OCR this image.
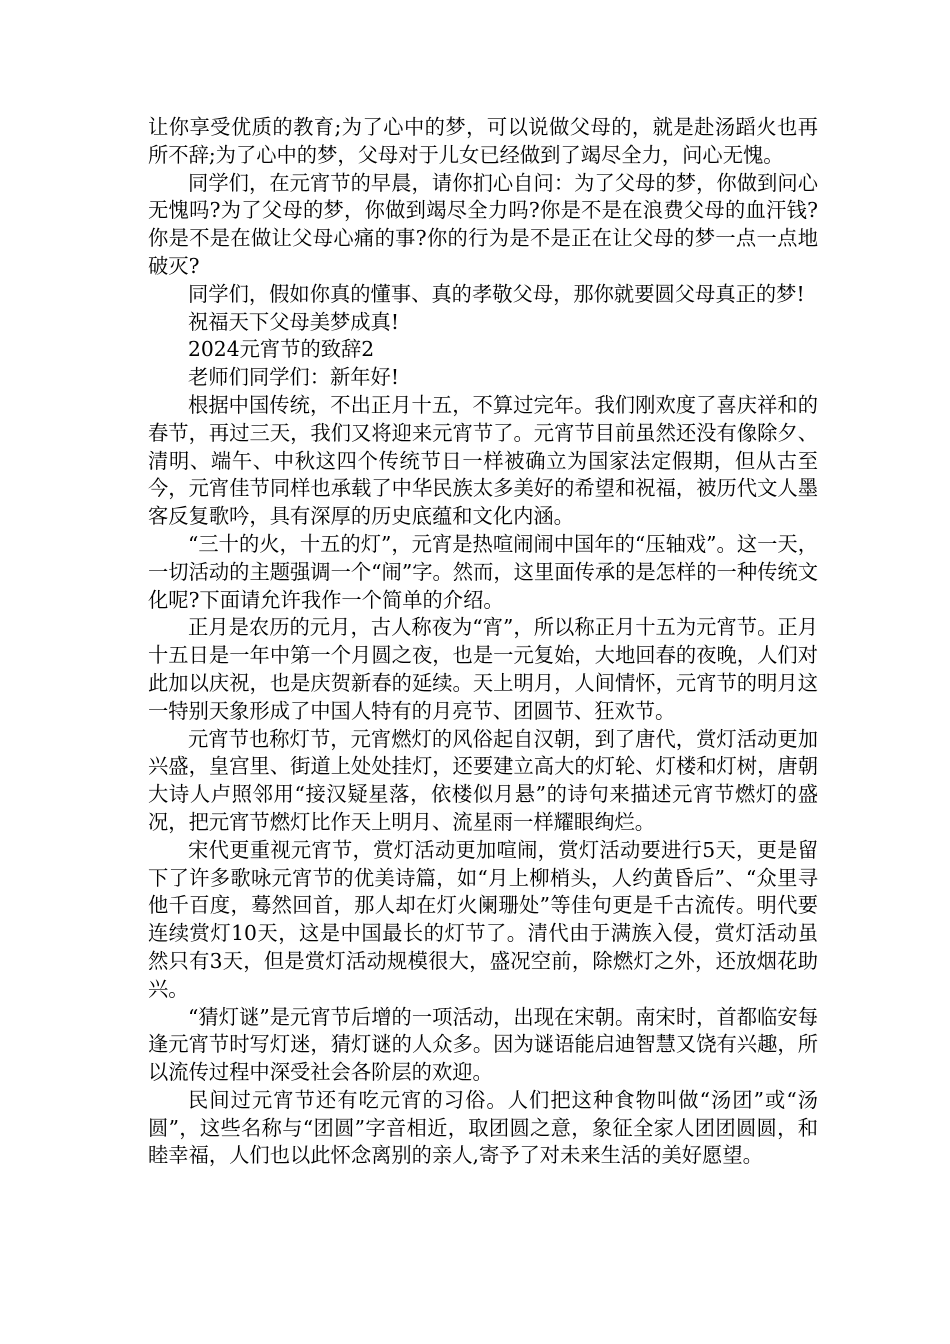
让你享受优质的教育;为了心中的梦，可以说做父母的，就是赴汤蹈火也再所不辞;为了心中的梦，父母对于儿女已经做到了竭尽全力，问心无愧。

同学们，在元宵节的早晨，请你扪心自问：为了父母的梦，你做到问心无愧吗?为了父母的梦，你做到竭尽全力吗?你是不是在浪费父母的血汗钱?你是不是在做让父母心痛的事?你的行为是不是正在让父母的梦一点一点地破灭?

同学们，假如你真的懂事、真的孝敬父母，那你就要圆父母真正的梦!

祝福天下父母美梦成真!

2024元宵节的致辞2

老师们同学们：新年好!

根据中国传统，不出正月十五，不算过完年。我们刚欢度了喜庆祥和的春节，再过三天，我们又将迎来元宵节了。元宵节目前虽然还没有像除夕、清明、端午、中秋这四个传统节日一样被确立为国家法定假期，但从古至今，元宵佳节同样也承载了中华民族太多美好的希望和祝福，被历代文人墨客反复歌吟，具有深厚的历史底蕴和文化内涵。

“三十的火，十五的灯”，元宵是热喧闹闹中国年的“压轴戏”。这一天，一切活动的主题强调一个“闹”字。然而，这里面传承的是怎样的一种传统文化呢?下面请允许我作一个简单的介绍。

正月是农历的元月，古人称夜为“宵”，所以称正月十五为元宵节。正月十五日是一年中第一个月圆之夜，也是一元复始，大地回春的夜晚，人们对此加以庆祝，也是庆贺新春的延续。天上明月，人间情怀，元宵节的明月这一特别天象形成了中国人特有的月亮节、团圆节、狂欢节。

元宵节也称灯节，元宵燃灯的风俗起自汉朝，到了唐代，赏灯活动更加兴盛，皇宫里、街道上处处挂灯，还要建立高大的灯轮、灯楼和灯树，唐朝大诗人卢照邻用“接汉疑星落，依楼似月悬”的诗句来描述元宵节燃灯的盛况，把元宵节燃灯比作天上明月、流星雨一样耀眼绚烂。

宋代更重视元宵节，赏灯活动更加喧闹，赏灯活动要进行5天，更是留下了许多歌咏元宵节的优美诗篇，如“月上柳梢头，人约黄昏后”、“众里寻他千百度，蓦然回首，那人却在灯火阑珊处”等佳句更是千古流传。明代要连续赏灯10天，这是中国最长的灯节了。清代由于满族入侵，赏灯活动虽然只有3天，但是赏灯活动规模很大，盛况空前，除燃灯之外，还放烟花助兴。

“猜灯谜”是元宵节后增的一项活动，出现在宋朝。南宋时，首都临安每逢元宵节时写灯迷，猜灯谜的人众多。因为谜语能启迪智慧又饶有兴趣，所以流传过程中深受社会各阶层的欢迎。

民间过元宵节还有吃元宵的习俗。人们把这种食物叫做“汤团”或“汤圆”，这些名称与“团圆”字音相近，取团圆之意，象征全家人团团圆圆，和睦幸福，人们也以此怀念离别的亲人,寄予了对未来生活的美好愿望。
